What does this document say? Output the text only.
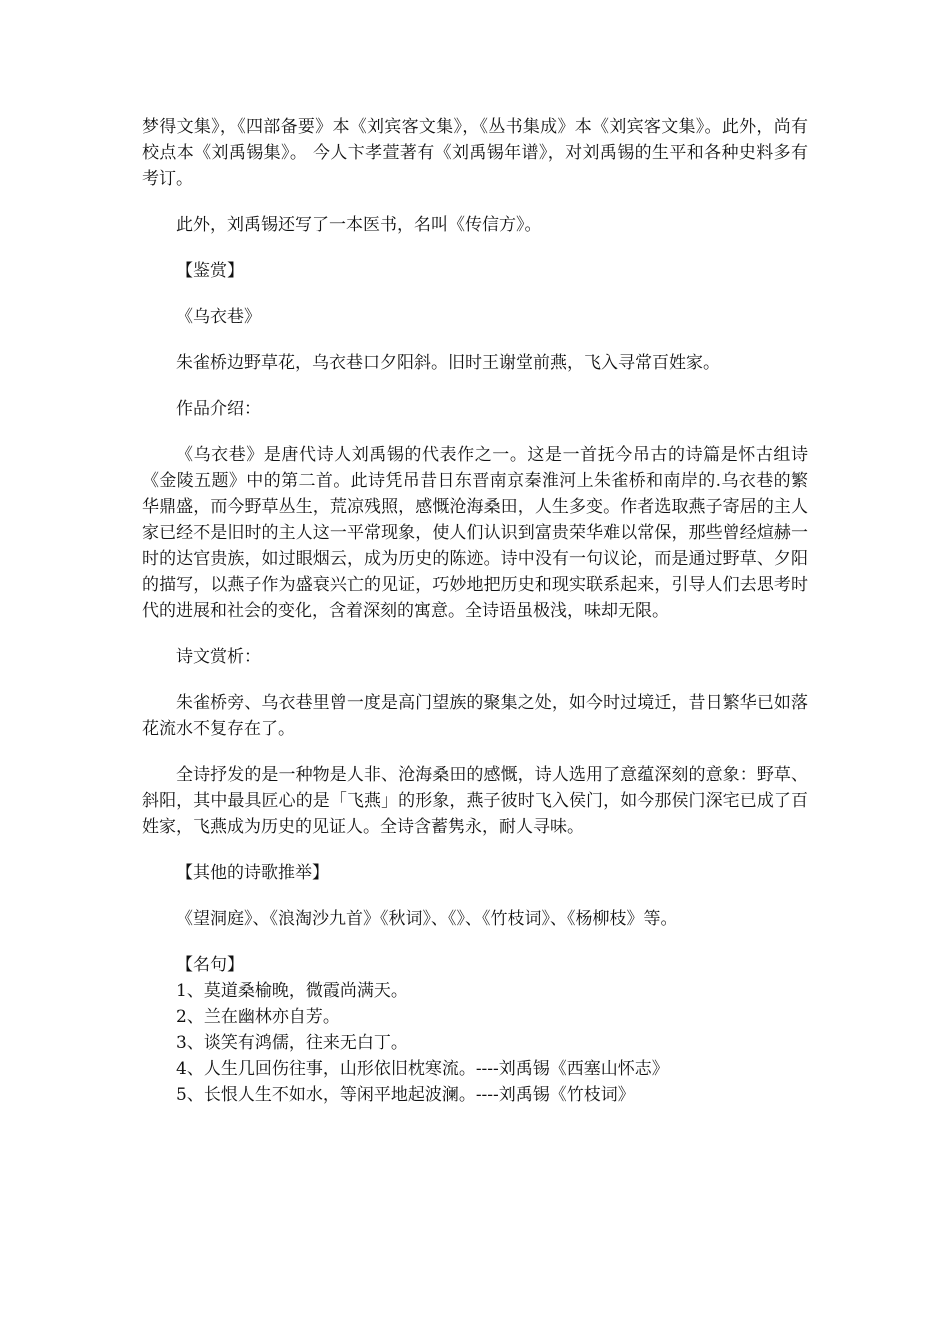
梦得文集》，《四部备要》本《刘宾客文集》，《丛书集成》本《刘宾客文集》。此外，尚有校点本《刘禹锡集》。 今人卞孝萱著有《刘禹锡年谱》，对刘禹锡的生平和各种史料多有考订。

此外，刘禹锡还写了一本医书，名叫《传信方》。

【鉴赏】

《乌衣巷》

朱雀桥边野草花，乌衣巷口夕阳斜。旧时王谢堂前燕，飞入寻常百姓家。

作品介绍：

《乌衣巷》是唐代诗人刘禹锡的代表作之一。这是一首抚今吊古的诗篇是怀古组诗《金陵五题》中的第二首。此诗凭吊昔日东晋南京秦淮河上朱雀桥和南岸的.乌衣巷的繁华鼎盛，而今野草丛生，荒凉残照，感慨沧海桑田，人生多变。作者选取燕子寄居的主人家已经不是旧时的主人这一平常现象，使人们认识到富贵荣华难以常保，那些曾经煊赫一时的达官贵族，如过眼烟云，成为历史的陈迹。诗中没有一句议论，而是通过野草、夕阳的描写，以燕子作为盛衰兴亡的见证，巧妙地把历史和现实联系起来，引导人们去思考时代的进展和社会的变化，含着深刻的寓意。全诗语虽极浅，味却无限。

诗文赏析：

朱雀桥旁、乌衣巷里曾一度是高门望族的聚集之处，如今时过境迁，昔日繁华已如落花流水不复存在了。

全诗抒发的是一种物是人非、沧海桑田的感慨，诗人选用了意蕴深刻的意象：野草、斜阳，其中最具匠心的是「飞燕」的形象，燕子彼时飞入侯门，如今那侯门深宅已成了百姓家，飞燕成为历史的见证人。全诗含蓄隽永，耐人寻味。

【其他的诗歌推举】

《望洞庭》、《浪淘沙九首》《秋词》、《》、《竹枝词》、《杨柳枝》等。

【名句】

1、莫道桑榆晚，微霞尚满天。

2、兰在幽林亦自芳。

3、谈笑有鸿儒，往来无白丁。

4、人生几回伤往事，山形依旧枕寒流。----刘禹锡《西塞山怀志》

5、长恨人生不如水，等闲平地起波澜。----刘禹锡《竹枝词》
